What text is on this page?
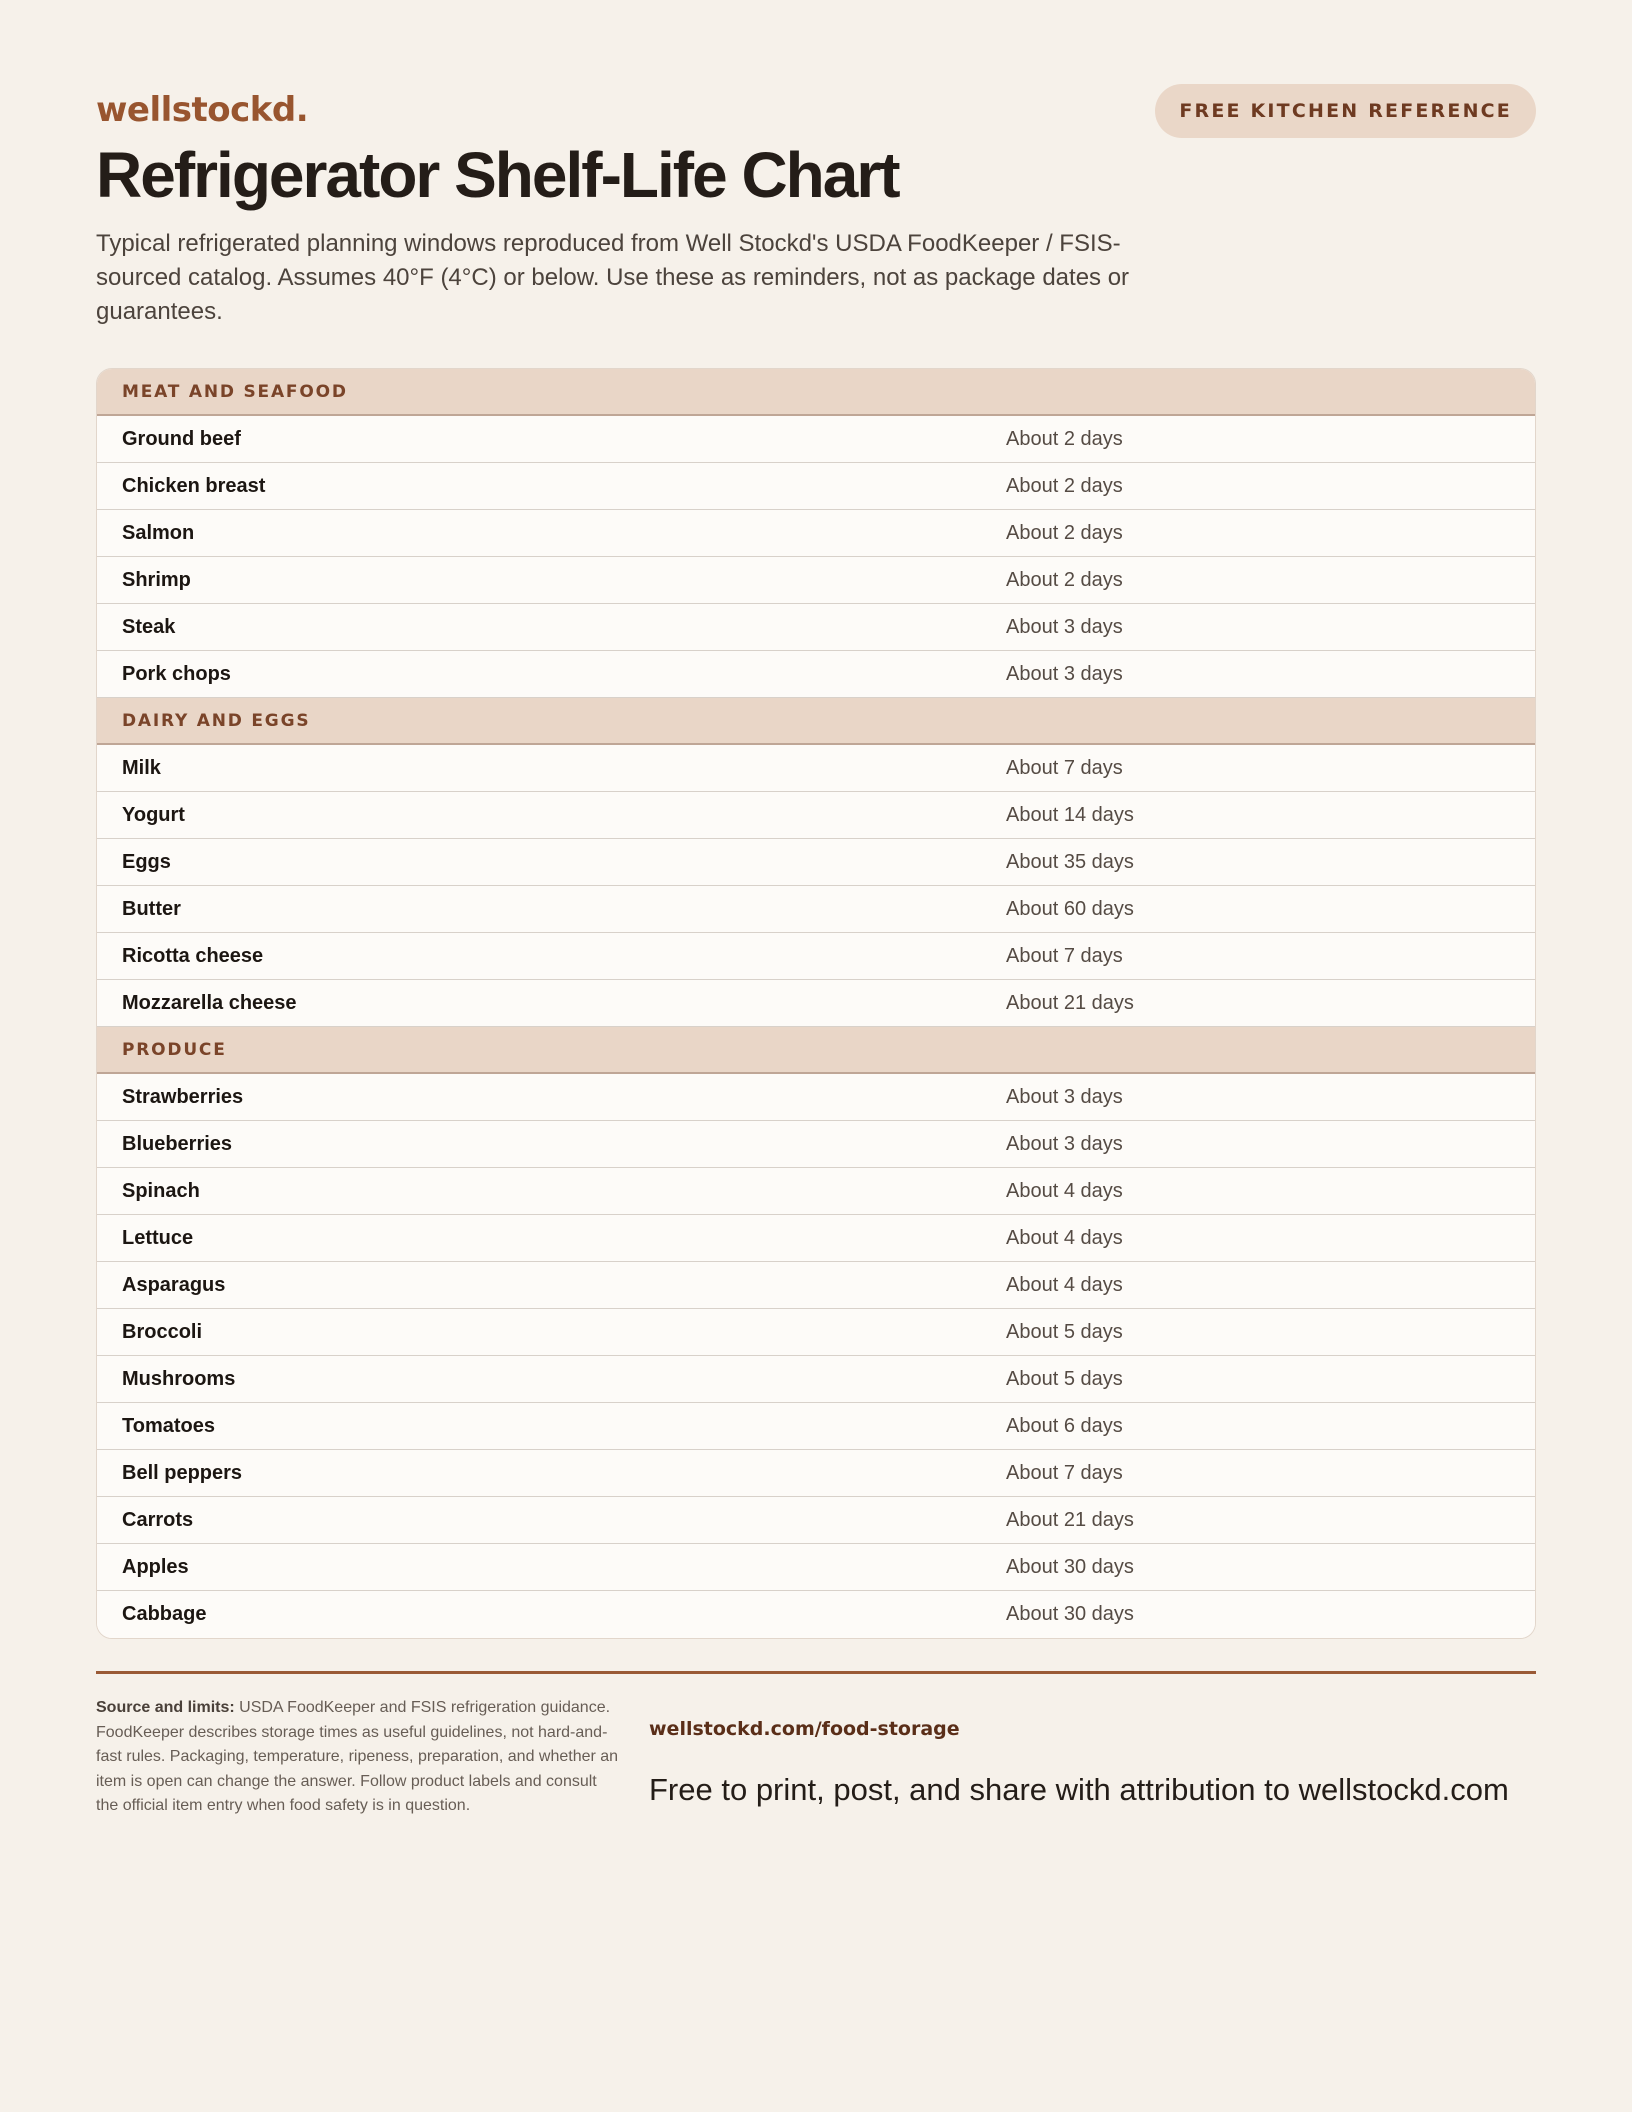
wellstockd.	FREE KITCHEN REFERENCE
Refrigerator Shelf-Life Chart

Typical refrigerated planning windows reproduced from Well Stockd's USDA FoodKeeper / FSIS-sourced catalog. Assumes 40°F (4°C) or below. Use these as reminders, not as package dates or guarantees.

MEAT AND SEAFOOD
Ground beef	About 2 days
Chicken breast	About 2 days
Salmon	About 2 days
Shrimp	About 2 days
Steak	About 3 days
Pork chops	About 3 days
DAIRY AND EGGS
Milk	About 7 days
Yogurt	About 14 days
Eggs	About 35 days
Butter	About 60 days
Ricotta cheese	About 7 days
Mozzarella cheese	About 21 days
PRODUCE
Strawberries	About 3 days
Blueberries	About 3 days
Spinach	About 4 days
Lettuce	About 4 days
Asparagus	About 4 days
Broccoli	About 5 days
Mushrooms	About 5 days
Tomatoes	About 6 days
Bell peppers	About 7 days
Carrots	About 21 days
Apples	About 30 days
Cabbage	About 30 days

Source and limits: USDA FoodKeeper and FSIS refrigeration guidance. FoodKeeper describes storage times as useful guidelines, not hard-and-fast rules. Packaging, temperature, ripeness, preparation, and whether an item is open can change the answer. Follow product labels and consult the official item entry when food safety is in question.

wellstockd.com/food-storage
Free to print, post, and share with attribution to wellstockd.com
